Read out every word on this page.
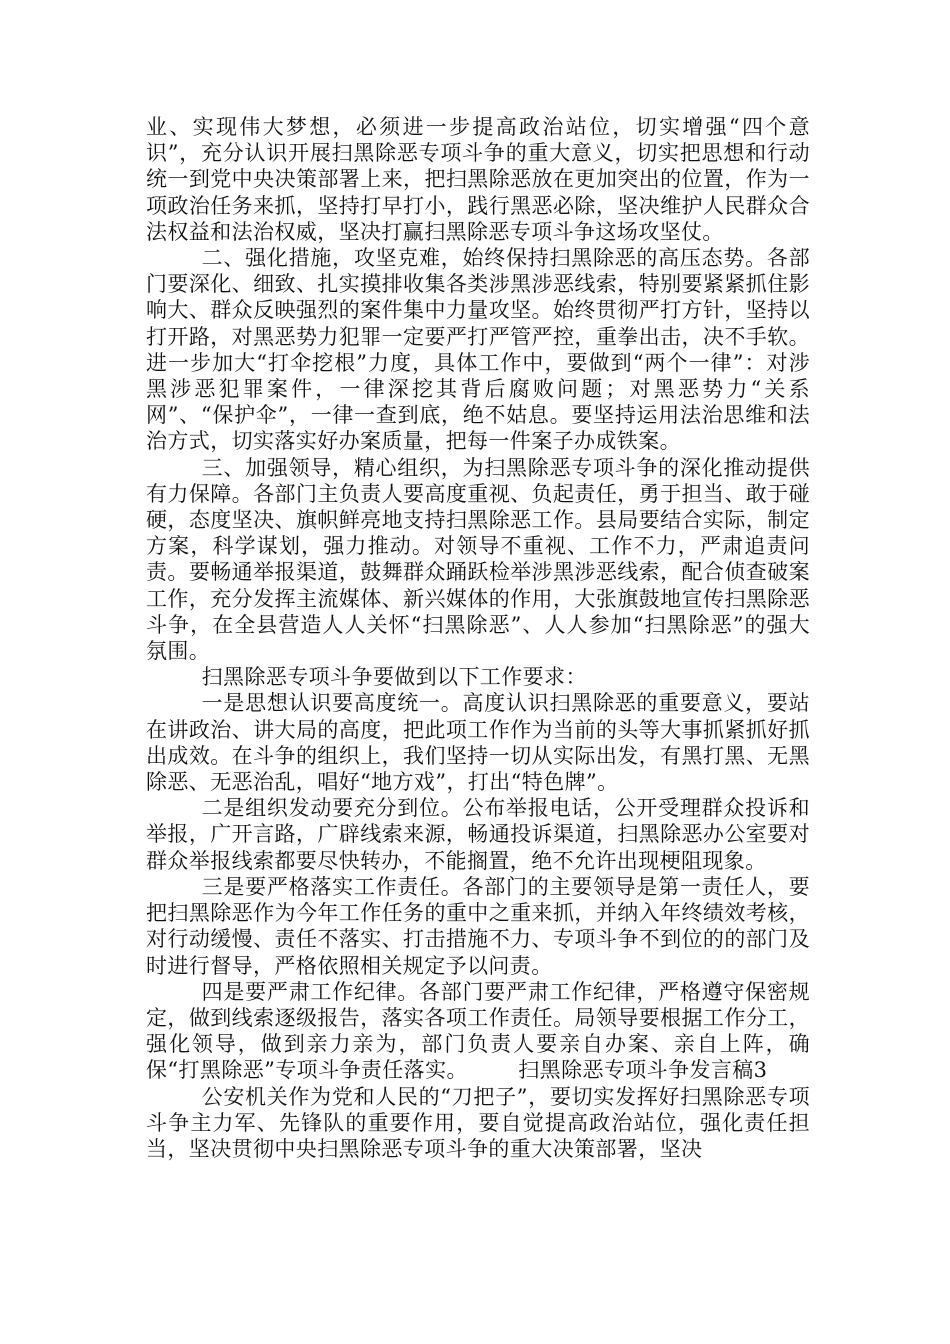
业、实现伟大梦想，必须进一步提高政治站位，切实增强“四个意识”，充分认识开展扫黑除恶专项斗争的重大意义，切实把思想和行动统一到党中央决策部署上来，把扫黑除恶放在更加突出的位置，作为一项政治任务来抓，坚持打早打小，践行黑恶必除，坚决维护人民群众合法权益和法治权威，坚决打赢扫黑除恶专项斗争这场攻坚仗。

二、强化措施，攻坚克难，始终保持扫黑除恶的高压态势。各部门要深化、细致、扎实摸排收集各类涉黑涉恶线索，特别要紧紧抓住影响大、群众反映强烈的案件集中力量攻坚。始终贯彻严打方针，坚持以打开路，对黑恶势力犯罪一定要严打严管严控，重拳出击，决不手软。进一步加大“打伞挖根”力度，具体工作中，要做到“两个一律”：对涉黑涉恶犯罪案件，一律深挖其背后腐败问题；对黑恶势力“关系网”、“保护伞”，一律一查到底，绝不姑息。要坚持运用法治思维和法治方式，切实落实好办案质量，把每一件案子办成铁案。

三、加强领导，精心组织，为扫黑除恶专项斗争的深化推动提供有力保障。各部门主负责人要高度重视、负起责任，勇于担当、敢于碰硬，态度坚决、旗帜鲜亮地支持扫黑除恶工作。县局要结合实际，制定方案，科学谋划，强力推动。对领导不重视、工作不力，严肃追责问责。要畅通举报渠道，鼓舞群众踊跃检举涉黑涉恶线索，配合侦查破案工作，充分发挥主流媒体、新兴媒体的作用，大张旗鼓地宣传扫黑除恶斗争，在全县营造人人关怀“扫黑除恶”、人人参加“扫黑除恶”的强大氛围。

扫黑除恶专项斗争要做到以下工作要求：

一是思想认识要高度统一。高度认识扫黑除恶的重要意义，要站在讲政治、讲大局的高度，把此项工作作为当前的头等大事抓紧抓好抓出成效。在斗争的组织上，我们坚持一切从实际出发，有黑打黑、无黑除恶、无恶治乱，唱好“地方戏”，打出“特色牌”。

二是组织发动要充分到位。公布举报电话，公开受理群众投诉和举报，广开言路，广辟线索来源，畅通投诉渠道，扫黑除恶办公室要对群众举报线索都要尽快转办，不能搁置，绝不允许出现梗阻现象。

三是要严格落实工作责任。各部门的主要领导是第一责任人，要把扫黑除恶作为今年工作任务的重中之重来抓，并纳入年终绩效考核，对行动缓慢、责任不落实、打击措施不力、专项斗争不到位的的部门及时进行督导，严格依照相关规定予以问责。

四是要严肃工作纪律。各部门要严肃工作纪律，严格遵守保密规定，做到线索逐级报告，落实各项工作责任。局领导要根据工作分工，强化领导，做到亲力亲为，部门负责人要亲自办案、亲自上阵，确保“打黑除恶”专项斗争责任落实。 扫黑除恶专项斗争发言稿3

公安机关作为党和人民的“刀把子”，要切实发挥好扫黑除恶专项斗争主力军、先锋队的重要作用，要自觉提高政治站位，强化责任担当，坚决贯彻中央扫黑除恶专项斗争的重大决策部署，坚决
